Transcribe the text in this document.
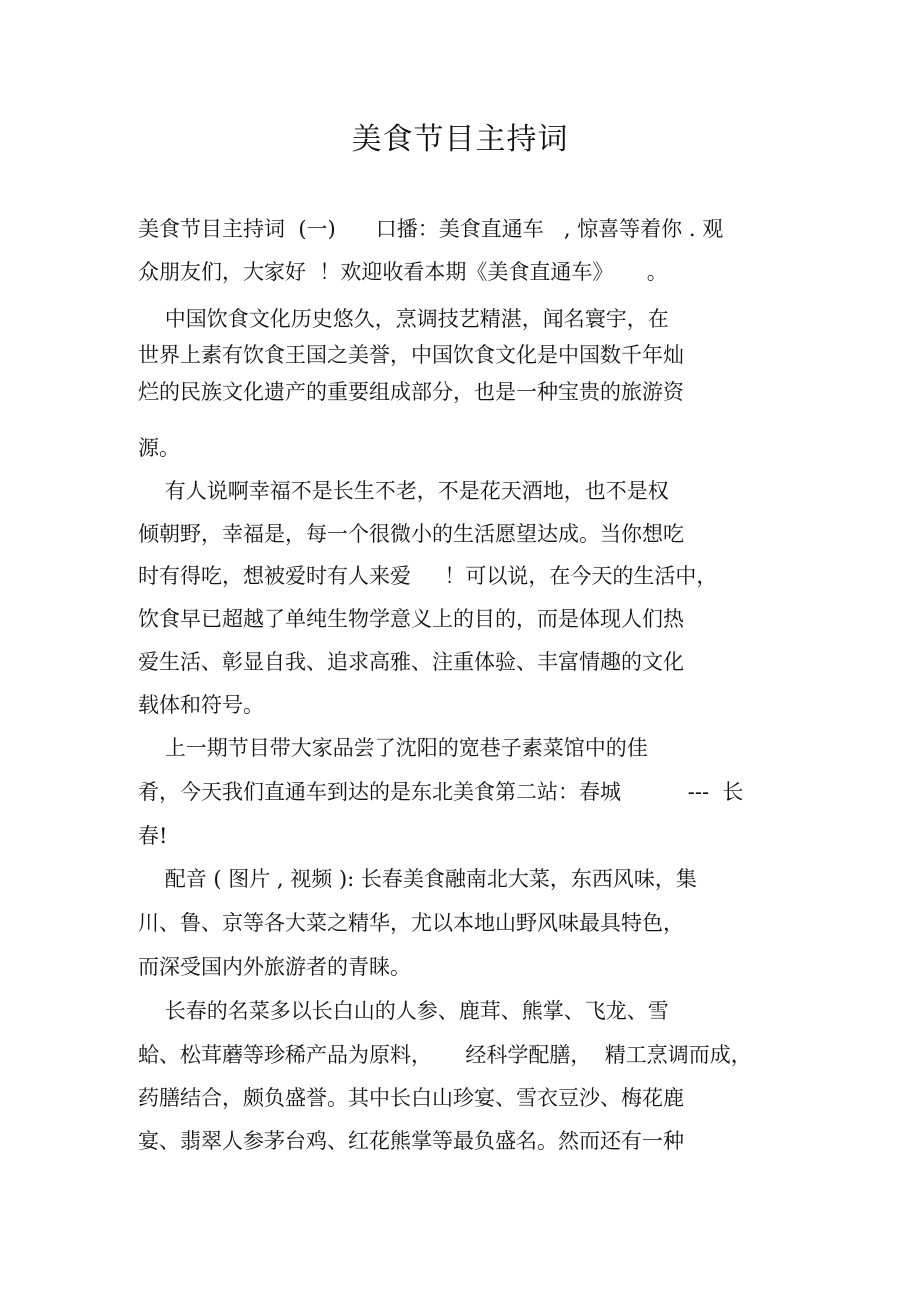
美食节目主持词
美食节目主持词  (一)      口播：美食直通车   , 惊喜等着你 . 观
众朋友们，大家好  ！欢迎收看本期《美食直通车》     。
中国饮食文化历史悠久，烹调技艺精湛，闻名寰宇，在
世界上素有饮食王国之美誉，中国饮食文化是中国数千年灿
烂的民族文化遗产的重要组成部分，也是一种宝贵的旅游资
源。
有人说啊幸福不是长生不老，不是花天酒地，也不是权
倾朝野，幸福是，每一个很微小的生活愿望达成。当你想吃
时有得吃，想被爱时有人来爱     ！可以说，在今天的生活中，
饮食早已超越了单纯生物学意义上的目的，而是体现人们热
爱生活、彰显自我、追求高雅、注重体验、丰富情趣的文化
载体和符号。
上一期节目带大家品尝了沈阳的宽巷子素菜馆中的佳
肴，今天我们直通车到达的是东北美食第二站：春城          ---  长
春!
配音 ( 图片 , 视频 ): 长春美食融南北大菜，东西风味，集
川、鲁、京等各大菜之精华，尤以本地山野风味最具特色，
而深受国内外旅游者的青睐。
长春的名菜多以长白山的人参、鹿茸、熊掌、飞龙、雪
蛤、松茸蘑等珍稀产品为原料，     经科学配膳，  精工烹调而成，
药膳结合，颇负盛誉。其中长白山珍宴、雪衣豆沙、梅花鹿
宴、翡翠人参茅台鸡、红花熊掌等最负盛名。然而还有一种
